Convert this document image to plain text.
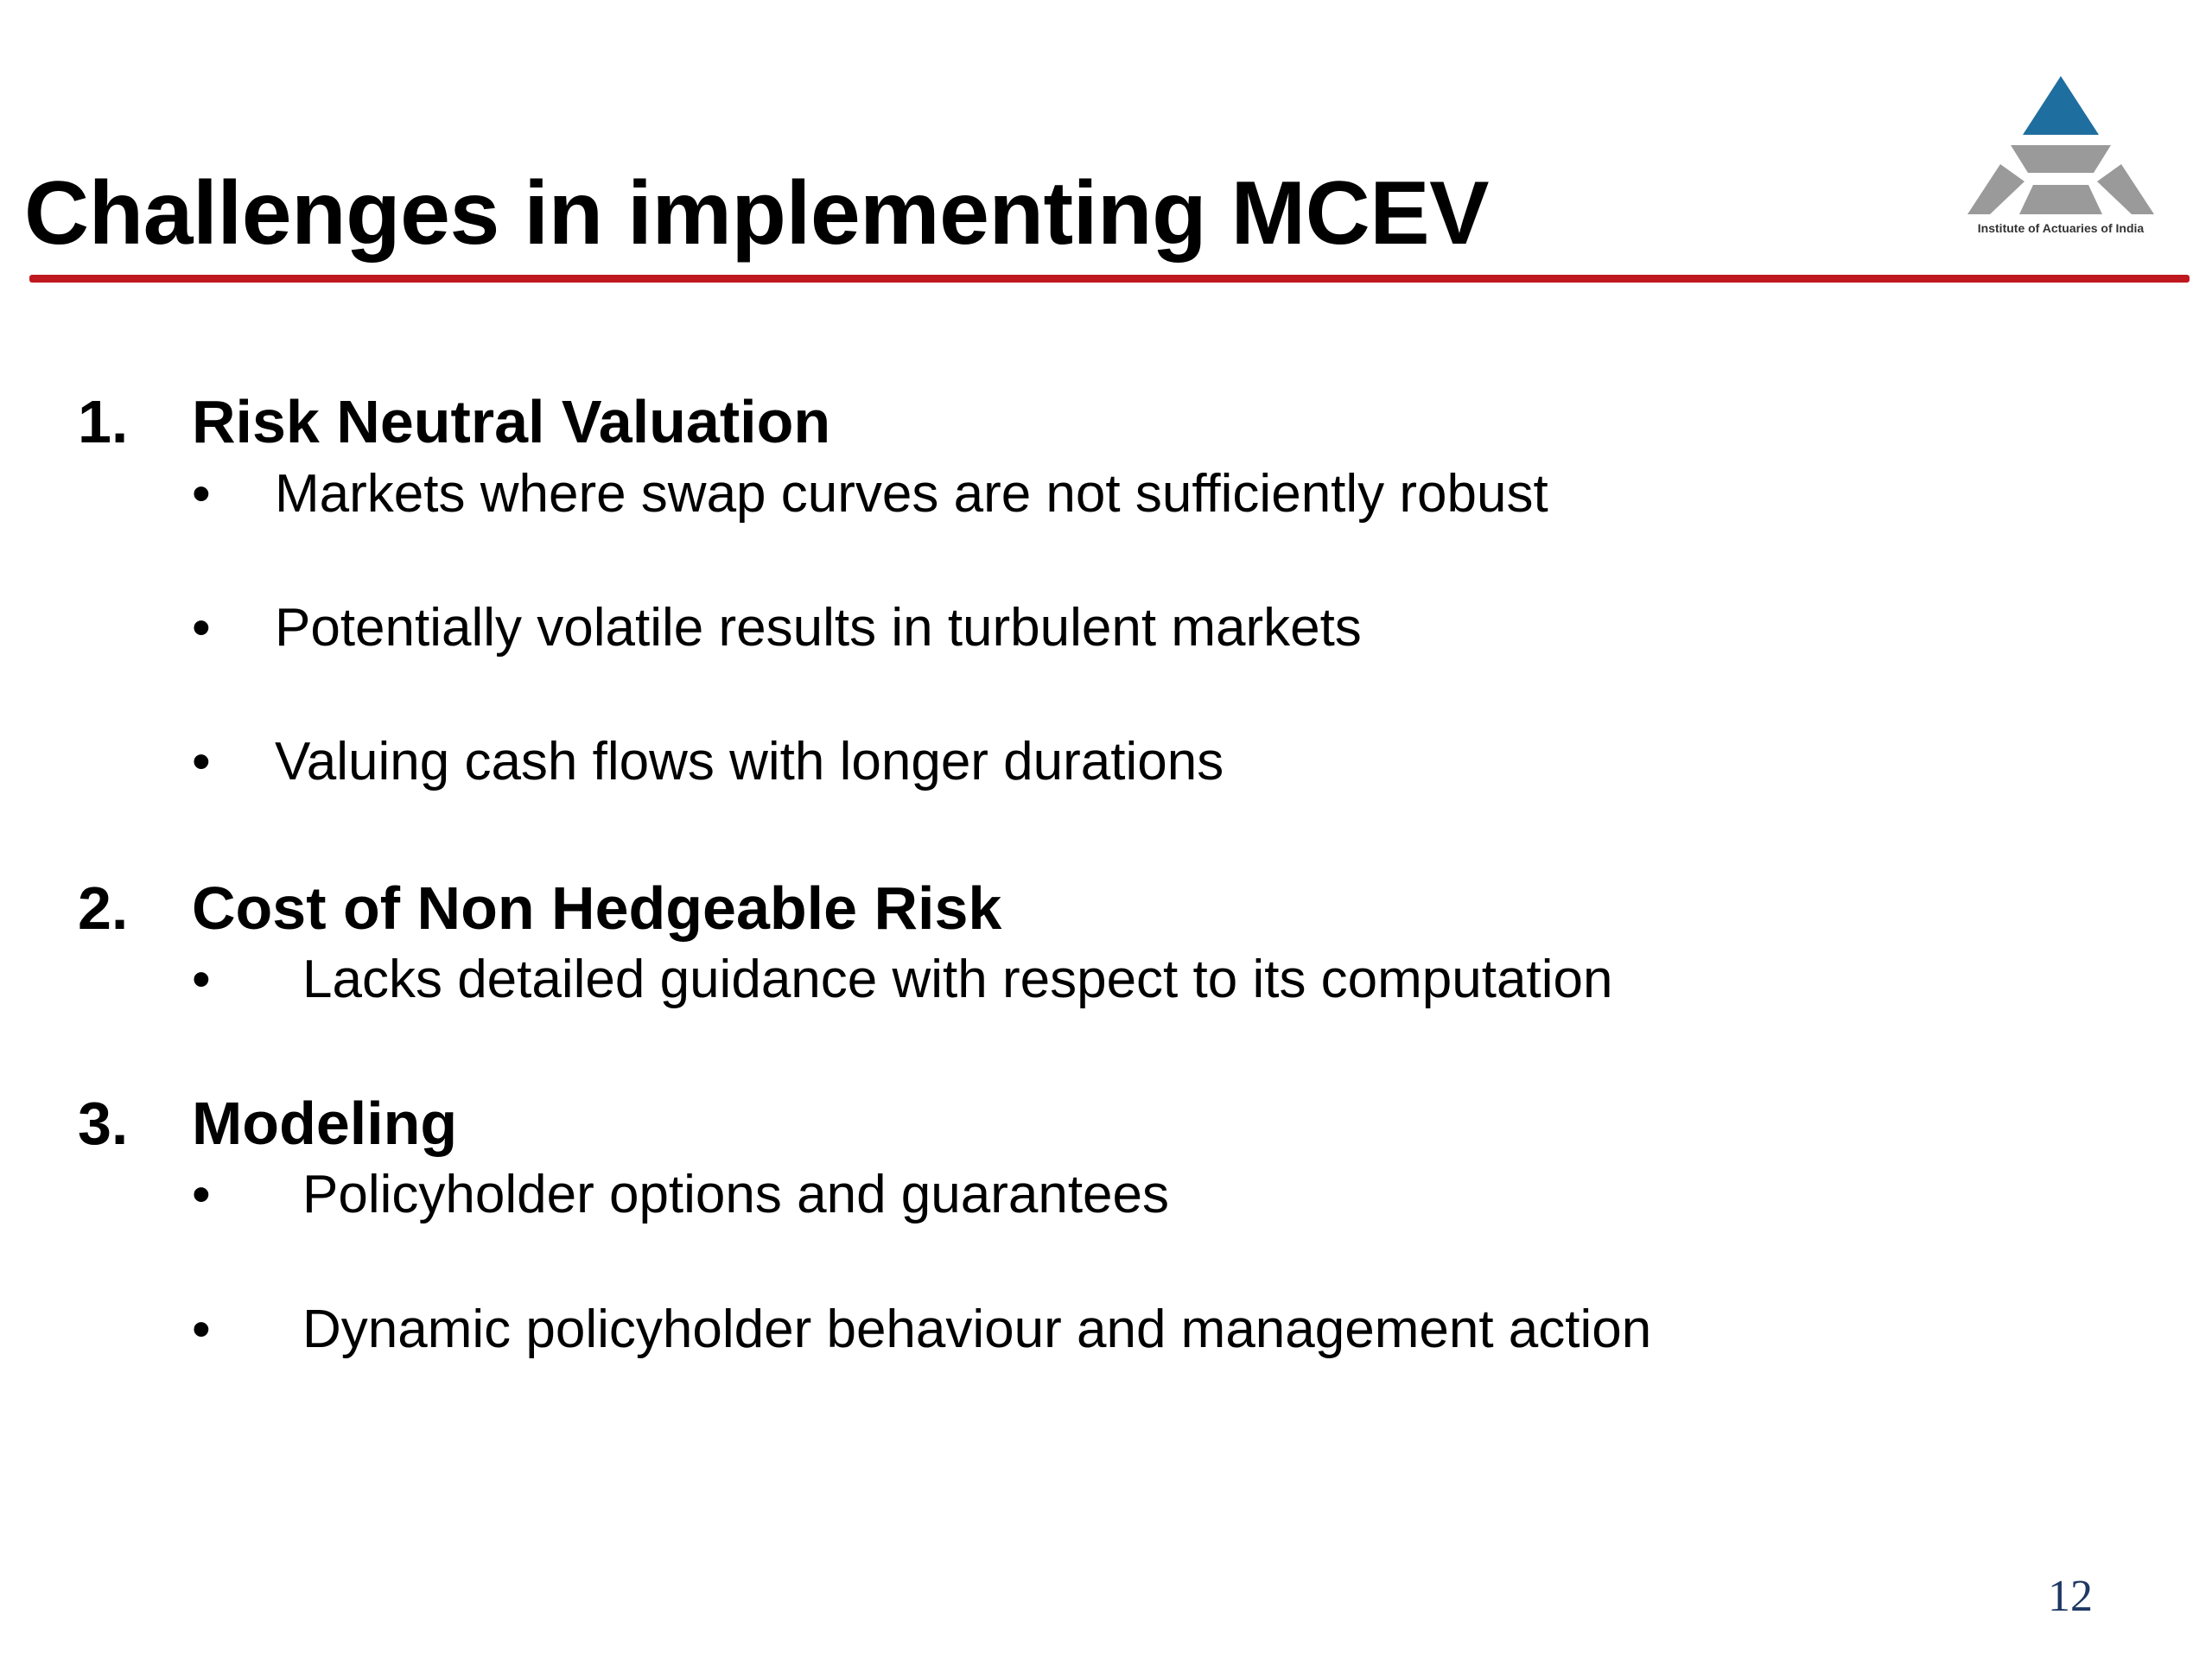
Challenges in implementing MCEV	Institute of Actuaries of India
1. Risk Neutral Valuation
• Markets where swap curves are not sufficiently robust
• Potentially volatile results in turbulent markets
• Valuing cash flows with longer durations
2. Cost of Non Hedgeable Risk
• Lacks detailed guidance with respect to its computation
3. Modeling
• Policyholder options and guarantees
• Dynamic policyholder behaviour and management action
12
